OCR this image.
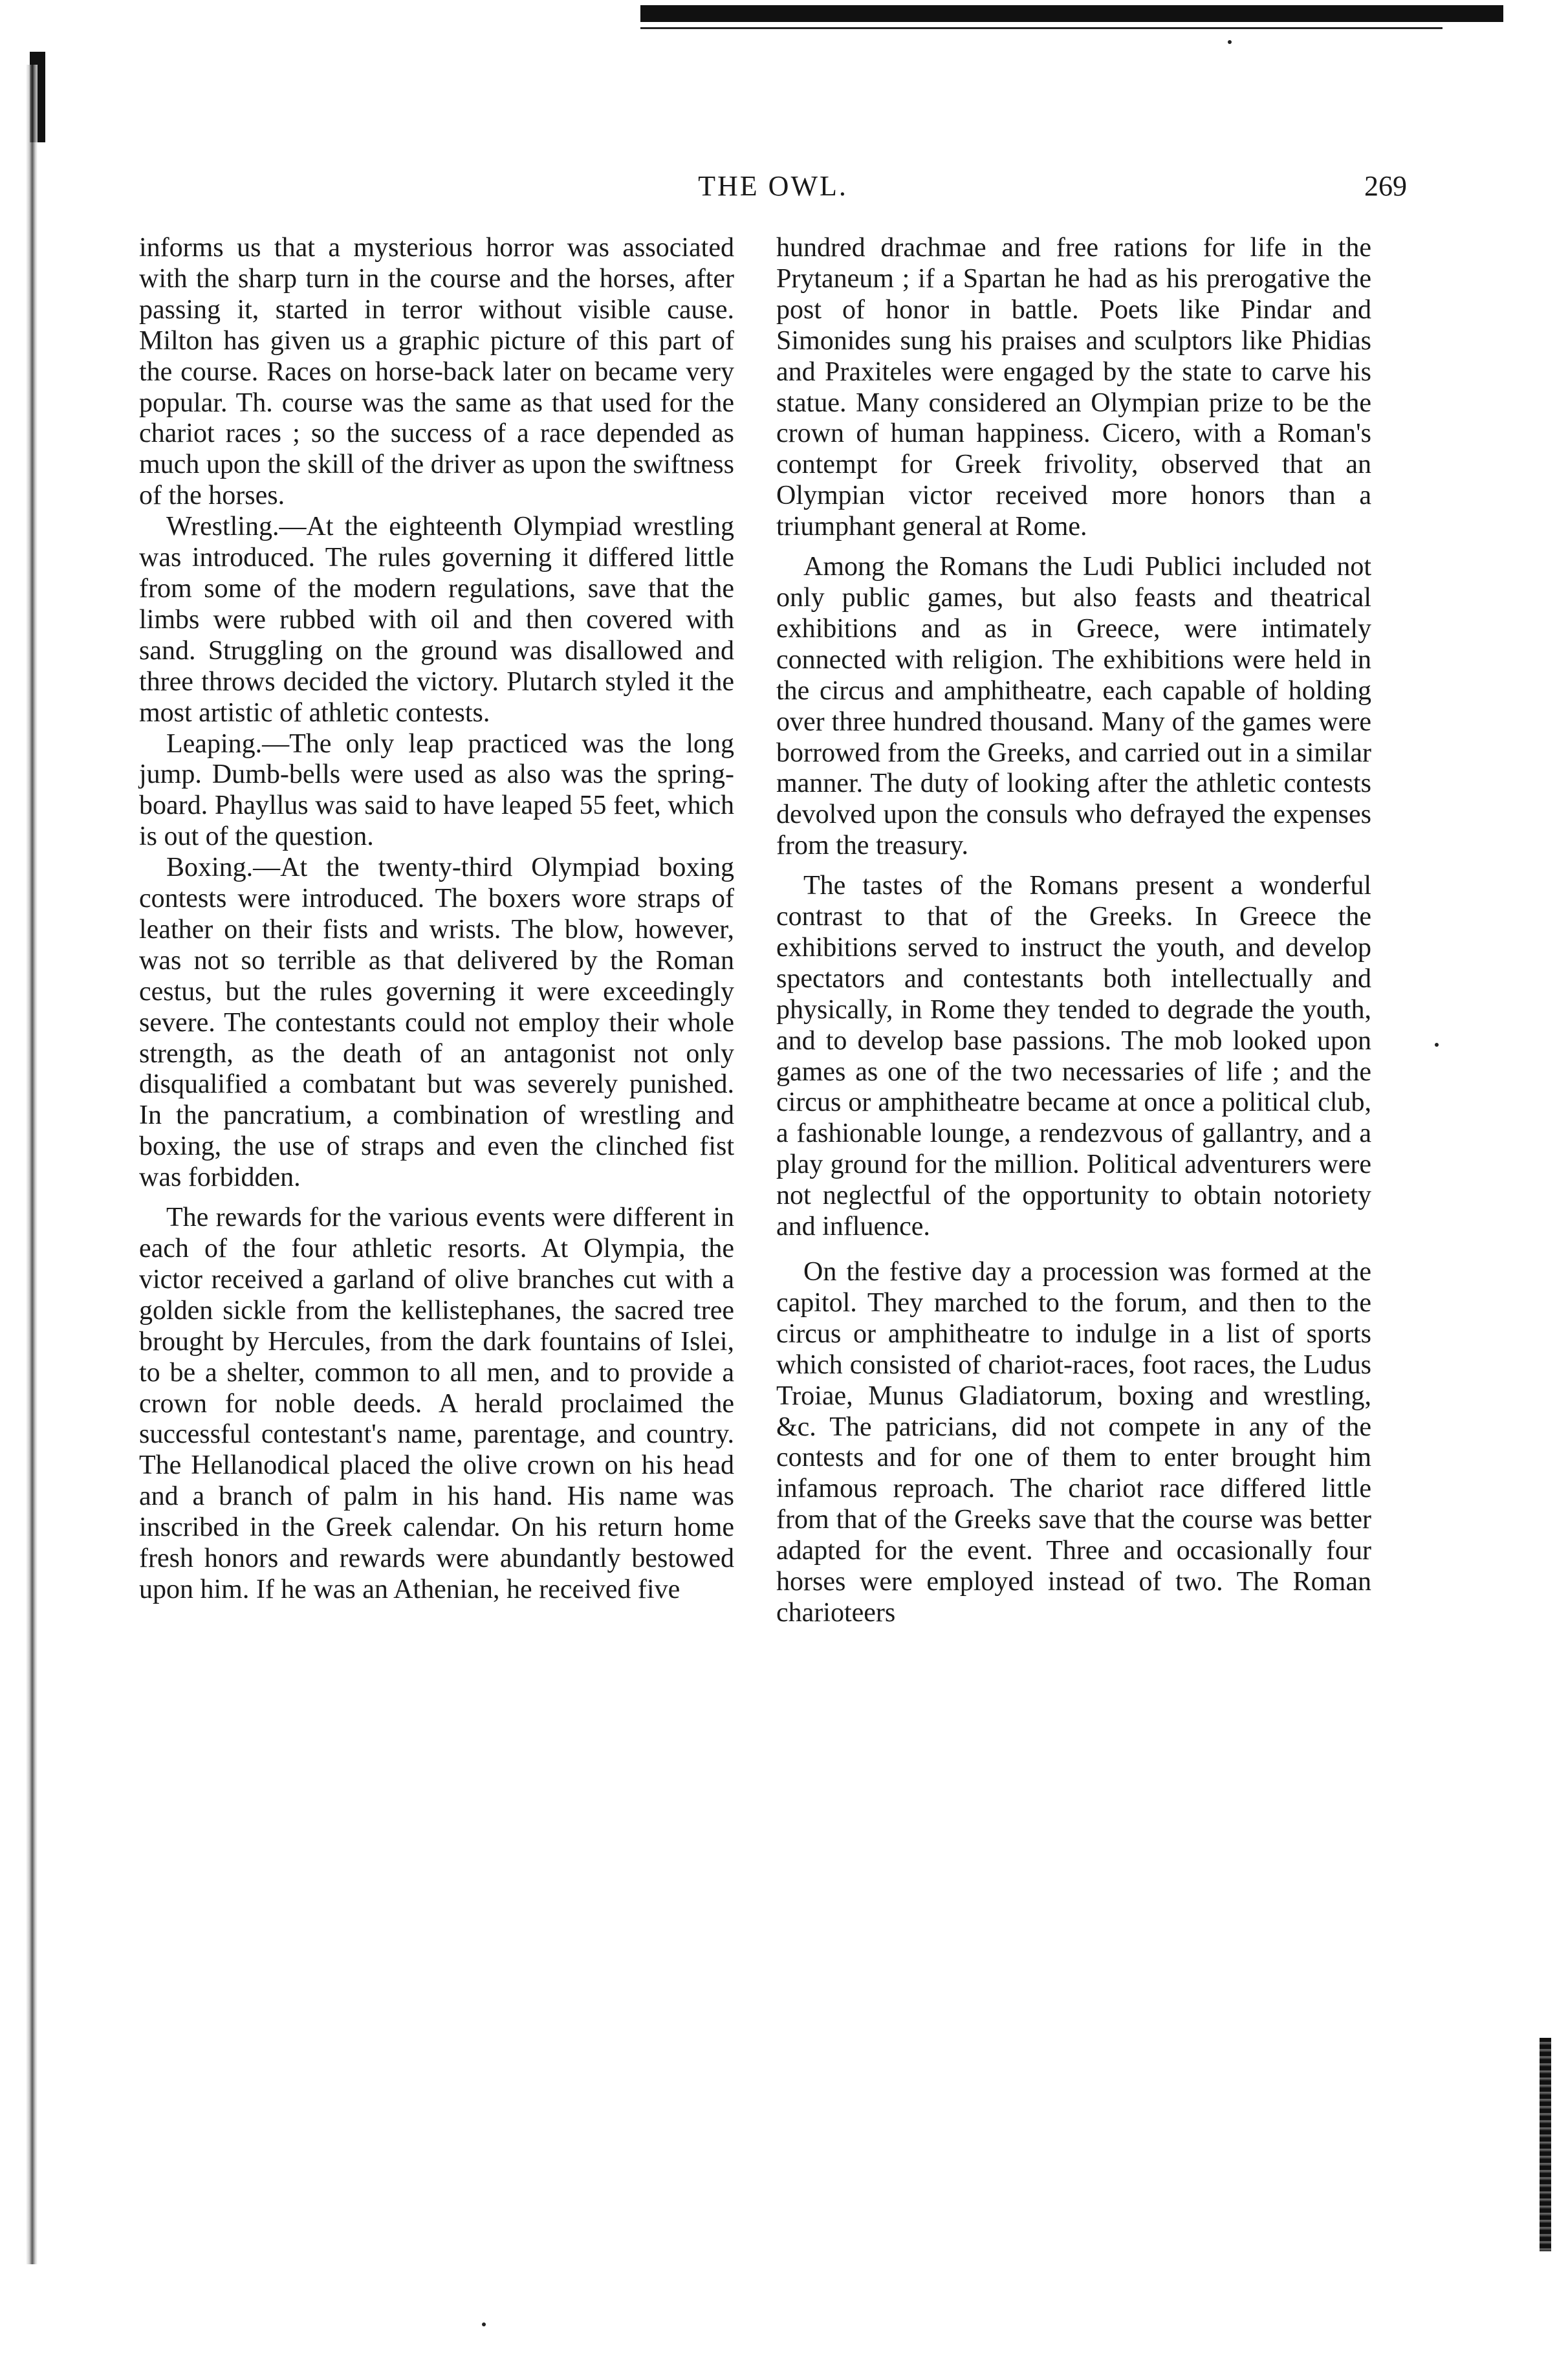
THE OWL.	269

informs us that a mysterious horror was associated with the sharp turn in the course and the horses, after passing it, started in terror without visible cause. Milton has given us a graphic picture of this part of the course. Races on horse-back later on became very popular. Th. course was the same as that used for the chariot races ; so the success of a race depended as much upon the skill of the driver as upon the swiftness of the horses.

Wrestling.—At the eighteenth Olympiad wrestling was introduced. The rules governing it differed little from some of the modern regulations, save that the limbs were rubbed with oil and then covered with sand. Struggling on the ground was disallowed and three throws decided the victory. Plutarch styled it the most artistic of athletic contests.

Leaping.—The only leap practiced was the long jump. Dumb-bells were used as also was the spring-board. Phayllus was said to have leaped 55 feet, which is out of the question.

Boxing.—At the twenty-third Olympiad boxing contests were introduced. The boxers wore straps of leather on their fists and wrists. The blow, however, was not so terrible as that delivered by the Roman cestus, but the rules governing it were exceedingly severe. The contestants could not employ their whole strength, as the death of an antagonist not only disqualified a combatant but was severely punished. In the pancratium, a combination of wrestling and boxing, the use of straps and even the clinched fist was forbidden.

The rewards for the various events were different in each of the four athletic resorts. At Olympia, the victor received a garland of olive branches cut with a golden sickle from the kellistephanes, the sacred tree brought by Hercules, from the dark fountains of Islei, to be a shelter, common to all men, and to provide a crown for noble deeds. A herald proclaimed the successful contestant's name, parentage, and country. The Hellanodical placed the olive crown on his head and a branch of palm in his hand. His name was inscribed in the Greek calendar. On his return home fresh honors and rewards were abundantly bestowed upon him. If he was an Athenian, he received five

hundred drachmae and free rations for life in the Prytaneum ; if a Spartan he had as his prerogative the post of honor in battle. Poets like Pindar and Simonides sung his praises and sculptors like Phidias and Praxiteles were engaged by the state to carve his statue. Many considered an Olympian prize to be the crown of human happiness. Cicero, with a Roman's contempt for Greek frivolity, observed that an Olympian victor received more honors than a triumphant general at Rome.

Among the Romans the Ludi Publici included not only public games, but also feasts and theatrical exhibitions and as in Greece, were intimately connected with religion. The exhibitions were held in the circus and amphitheatre, each capable of holding over three hundred thousand. Many of the games were borrowed from the Greeks, and carried out in a similar manner. The duty of looking after the athletic contests devolved upon the consuls who defrayed the expenses from the treasury.

The tastes of the Romans present a wonderful contrast to that of the Greeks. In Greece the exhibitions served to instruct the youth, and develop spectators and contestants both intellectually and physically, in Rome they tended to degrade the youth, and to develop base passions. The mob looked upon games as one of the two necessaries of life ; and the circus or amphitheatre became at once a political club, a fashionable lounge, a rendezvous of gallantry, and a play ground for the million. Political adventurers were not neglectful of the opportunity to obtain notoriety and influence.

On the festive day a procession was formed at the capitol. They marched to the forum, and then to the circus or amphitheatre to indulge in a list of sports which consisted of chariot-races, foot races, the Ludus Troiae, Munus Gladiatorum, boxing and wrestling, &c. The patricians, did not compete in any of the contests and for one of them to enter brought him infamous reproach. The chariot race differed little from that of the Greeks save that the course was better adapted for the event. Three and occasionally four horses were employed instead of two. The Roman charioteers
